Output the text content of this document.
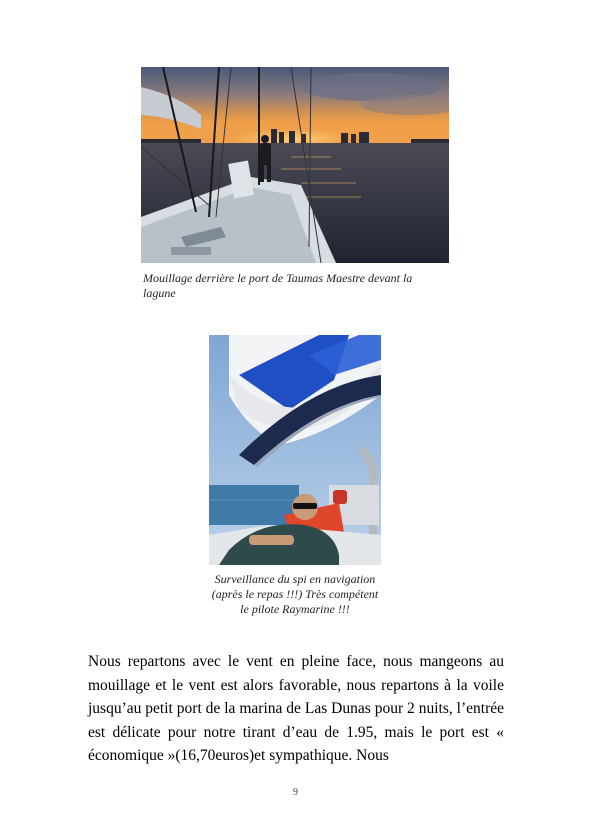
Mouillage derrière le port de Taumas Maestre devant la lagune
Surveillance du spi en navigation
(après le repas !!!) Très compétent
le pilote Raymarine !!!

Nous repartons avec le vent en pleine face, nous mangeons au mouillage et le vent est alors favorable, nous repartons à la voile jusqu’au petit port de la marina de Las Dunas pour 2 nuits, l’entrée est délicate pour notre tirant d’eau de 1.95, mais le port est « économique »(16,70euros)et sympathique. Nous

9
